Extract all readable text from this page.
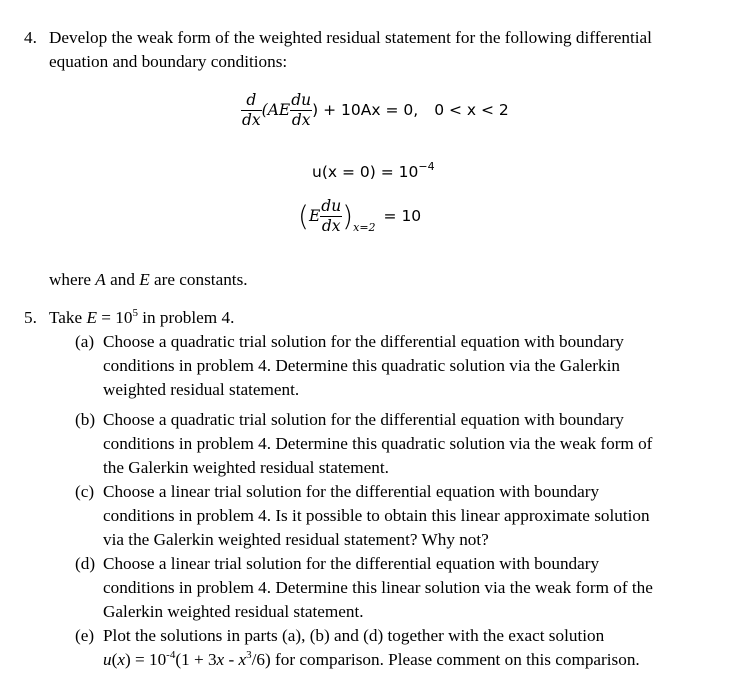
4. Develop the weak form of the weighted residual statement for the following differential
equation and boundary conditions:
$\frac{d}{dx} (AE \frac{du}{dx}$ ) + 10Ax = 0, 0 < x < 2
$u(x = 0) = 10^{-4}$
$(E \frac{du}{dx} )_{x=2}= 10$
where A and E are constants.
5. Take $E = 10^5$ in problem 4.
(a) Choose a quadratic trial solution for the differential equation with boundary
conditions in problem 4. Determine this quadratic solution via the Galerkin
weighted residual statement.
(b) Choose a quadratic trial solution for the differential equation with boundary
conditions in problem 4. Determine this quadratic solution via the weak form of
the Galerkin weighted residual statement.
(c) Choose a linear trial solution for the differential equation with boundary
conditions in problem 4. Is it possible to obtain this linear approximate solution
via the Galerkin weighted residual statement? Why not?
(d) Choose a linear trial solution for the differential equation with boundary
conditions in problem 4. Determine this linear solution via the weak form of the
Galerkin weighted residual statement.
(e) Plot the solutions in parts (a), (b) and (d) together with the exact solution
$u(x) = 10^{-4}(1 + 3x - x^3/6)$ for comparison. Please comment on this comparison.
